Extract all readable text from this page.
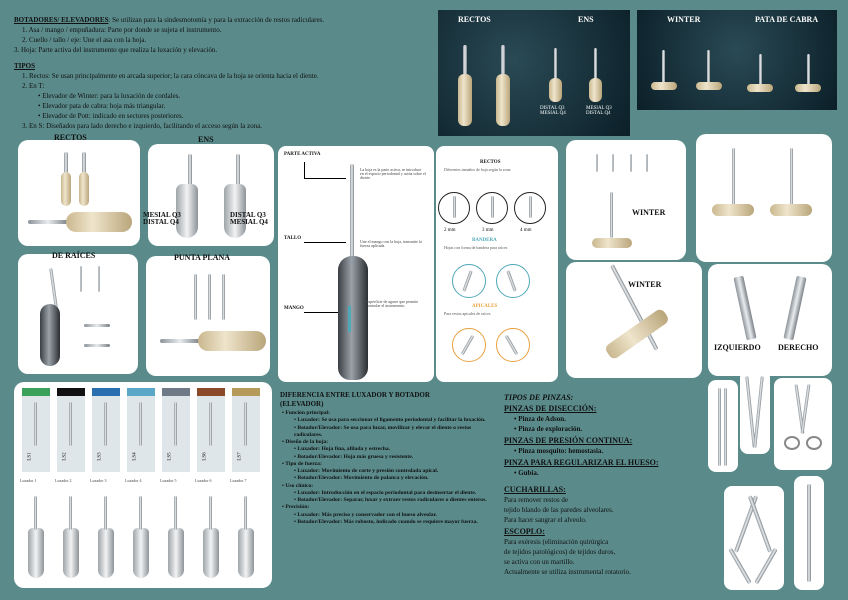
BOTADORES/ ELEVADORES: Se utilizan para la sindesmotomía y para la extracción de restos radiculares.
1. Asa / mango / empuñadura: Parte por donde se sujeta el instrumento.
2. Cuello / tallo / eje: Une el asa con la hoja.
3. Hoja: Parte activa del instrumento que realiza la luxación y elevación.
TIPOS
1. Rectos: Se usan principalmente en arcada superior; la cara cóncava de la hoja se orienta hacia el diente.
2. En T:
• Elevador de Winter: para la luxación de cordales.
• Elevador pata de cabra: hoja más triangular.
• Elevador de Pott: indicado en sectores posteriores.
3. En S: Diseñados para lado derecho e izquierdo, facilitando el acceso según la zona.
RECTOS	ENS
DISTAL Q3
MESIAL Q4
MESIAL Q3
DISTAL Q4
WINTER	PATA DE CABRA
RECTOS	ENS
MESIAL Q3
DISTAL Q4
DISTAL Q3
MESIAL Q4
DE RAÍCES	PUNTA PLANA
PARTE ACTIVA
TALLO
MANGO
La hoja es la parte activa, se introduce en el espacio periodontal y actúa sobre el diente.
Une el mango con la hoja, transmite la fuerza aplicada.
Superficie de agarre que permite controlar el instrumento.
RECTOS
Diferentes tamaños de hoja según la zona
2 mm	3 mm	4 mm
BANDERA
Hojas con forma de bandera para raíces
APICALES
Para restos apicales de raíces
WINTER
WINTER
IZQUIERDO DERECHO
LS1
Luxador 1
LS2
Luxador 2
LS3
Luxador 3
LS4
Luxador 4
LS5
Luxador 5
LS6
Luxador 6
LS7
Luxador 7
DIFERENCIA ENTRE LUXADOR Y BOTADOR
(ELEVADOR)
• Función principal:
• Luxador: Se usa para seccionar el ligamento periodontal y facilitar la luxación.
• Botador/Elevador: Se usa para luxar, movilizar y elevar el diente o restos radiculares.
• Diseño de la hoja:
• Luxador: Hoja fina, afilada y estrecha.
• Botador/Elevador: Hoja más gruesa y resistente.
• Tipo de fuerza:
• Luxador: Movimiento de corte y presión controlada apical.
• Botador/Elevador: Movimiento de palanca y elevación.
• Uso clínico:
• Luxador: Introducción en el espacio periodontal para desinsertar el diente.
• Botador/Elevador: Separar, luxar y extraer restos radiculares o dientes enteros.
• Precisión:
• Luxador: Más preciso y conservador con el hueso alveolar.
• Botador/Elevador: Más robusto, indicado cuando se requiere mayor fuerza.
TIPOS DE PINZAS:
PINZAS DE DISECCIÓN:
• Pinza de Adson.
• Pinza de exploración.
PINZAS DE PRESIÓN CONTINUA:
• Pinza mosquito: hemostasia.
PINZA PARA REGULARIZAR EL HUESO:
• Gubia.
CUCHARILLAS:
Para remover restos de
tejido blando de las paredes alveolares.
Para hacer sangrar el alveolo.
ESCOPLO:
Para exéresis (eliminación quirúrgica
de tejidos patológicos) de tejidos duros,
se activa con un martillo.
Actualmente se utiliza instrumental rotatorio.
